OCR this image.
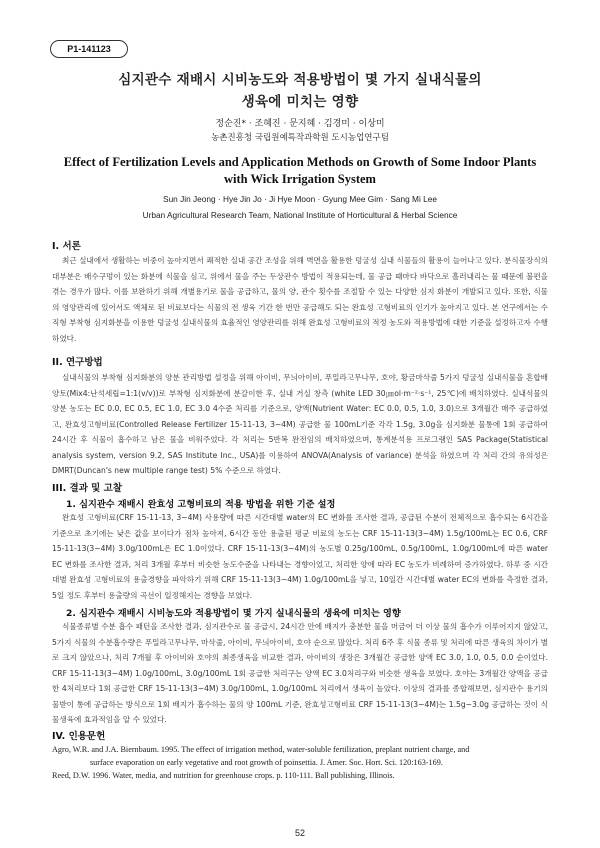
P1-141123
심지관수 재배시 시비농도와 적용방법이 몇 가지 실내식물의
생육에 미치는 영향
정순진* · 조혜진 · 문지혜 · 김경미 · 이상미
농촌진흥청 국립원예특작과학원 도시농업연구팀
Effect of Fertilization Levels and Application Methods on Growth of Some Indoor Plants
with Wick Irrigation System
Sun Jin Jeong · Hye Jin Jo · Ji Hye Moon · Gyung Mee Gim · Sang Mi Lee
Urban Agricultural Research Team, National Institute of Horticultural & Herbal Science
I. 서론

최근 실내에서 생활하는 비중이 높아지면서 쾌적한 실내 공간 조성을 위해 벽면을 활용한 덩굴성 실내 식물들의 활용이 늘어나고 있다. 분식물장식의 대부분은 배수구멍이 있는 화분에 식물을 심고, 위에서 물을 주는 두상관수 방법이 적용되는데, 물 공급 때마다 바닥으로 흘러내리는 물 때문에 불편을 겪는 경우가 많다. 이를 보완하기 위해 개별용기로 물을 공급하고, 물의 양, 관수 횟수를 조절할 수 있는 다양한 심지 화분이 개발되고 있다. 또한, 식물의 영양관리에 있어서도 액체로 된 비료보다는 식물의 전 생육 기간 한 번만 공급해도 되는 완효성 고형비료의 인기가 높아지고 있다. 본 연구에서는 수직형 부착형 심지화분을 이용한 덩굴성 실내식물의 효율적인 영양관리를 위해 완효성 고형비료의 적정 농도와 적용방법에 대한 기준을 설정하고자 수행하였다.

II. 연구방법

실내식물의 부착형 심지화분의 양분 관리방법 설정을 위해 아이비, 무늬아이비, 푸밀라고무나무, 호야, 황금마삭줄 5가지 덩굴성 실내식물을 혼합배양토(Mix4:난석세립=1:1(v/v))로 부착형 심지화분에 분갈이한 후, 실내 거실 창측 (white LED 30㎛ol·m⁻²·s⁻¹, 25℃)에 배치하였다. 실내식물의 양분 농도는 EC 0.0, EC 0.5, EC 1.0, EC 3.0 4수준 처리를 기준으로, 양액(Nutrient Water: EC 0.0, 0.5, 1.0, 3.0)으로 3개월간 매주 공급하였고, 완효성고형비료(Controlled Release Fertilizer 15-11-13, 3~4M) 공급한 물 100mL기준 각각 1.5g, 3.0g을 심지화분 물통에 1회 공급하여 24시간 후 식물이 흡수하고 남은 물을 비워주었다. 각 처리는 5반복 완전임의 배치하였으며, 통계분석용 프로그램인 SAS Package(Statistical analysis system, version 9.2, SAS Institute Inc., USA)를 이용하여 ANOVA(Analysis of variance) 분석을 하였으며 각 처리 간의 유의성은 DMRT(Duncan's new multiple range test) 5% 수준으로 하였다.

III. 결과 및 고찰
1. 심지관수 재배시 완효성 고형비료의 적용 방법을 위한 기준 설정

완효성 고형비료(CRF 15-11-13, 3~4M) 사용량에 따른 시간대별 water의 EC 변화를 조사한 결과, 공급된 수분이 전체적으로 흡수되는 6시간을 기준으로 초기에는 낮은 값을 보이다가 점차 높아져, 6시간 동안 용출된 평균 비료의 농도는 CRF 15-11-13(3~4M) 1.5g/100mL는 EC 0.6, CRF 15-11-13(3~4M) 3.0g/100mL은 EC 1.0이었다. CRF 15-11-13(3~4M)의 농도별 0.25g/100mL, 0.5g/100mL, 1.0g/100mL에 따른 water EC 변화를 조사한 결과, 처리 3개월 후부터 비슷한 농도수준을 나타내는 경향이었고, 처리한 양에 따라 EC 농도가 비례하여 증가하였다. 하루 중 시간대별 완효성 고형비료의 용출경향을 파악하기 위해 CRF 15-11-13(3~4M) 1.0g/100mL을 넣고, 10일간 시간대별 water EC의 변화를 측정한 결과, 5일 정도 후부터 용출량의 곡선이 일정해지는 경향을 보였다.

2. 심지관수 재배시 시비농도와 적용방법이 몇 가지 실내식물의 생육에 미치는 영향

식물종류별 수분 흡수 패턴을 조사한 결과, 심지관수로 물 공급시, 24시간 안에 배지가 충분한 물을 머금어 더 이상 물의 흡수가 이루어지지 않았고, 5가지 식물의 수분흡수량은 푸밀라고무나무, 마삭줄, 아이비, 무늬아이비, 호야 순으로 많았다. 처리 6주 후 식물 종류 및 처리에 따른 생육의 차이가 별로 크지 않았으나, 처리 7개월 후 아이비와 호야의 최종생육을 비교한 결과, 아이비의 생장은 3개월간 공급한 양액 EC 3.0, 1.0, 0.5, 0.0 순이었다. CRF 15-11-13(3~4M) 1.0g/100mL, 3.0g/100mL 1회 공급한 처리구는 양액 EC 3.0처리구와 비슷한 생육을 보였다. 호야는 3개월간 양액을 공급한 4처리보다 1회 공급한 CRF 15-11-13(3~4M) 3.0g/100mL, 1.0g/100mL 처리에서 생육이 높았다. 이상의 결과를 종합해보면, 심지관수 용기의 물받이 통에 공급하는 방식으로 1회 배지가 흡수하는 물의 양 100mL 기준, 완효성고형비료 CRF 15-11-13(3~4M)는 1.5g~3.0g 공급하는 것이 식물생육에 효과적임을 알 수 있었다.

IV. 인용문헌

Agro, W.R. and J.A. Biernbaum. 1995. The effect of irrigation method, water-soluble fertilization, preplant nutrient charge, and
surface evaporation on early vegetative and root growth of poinsettia. J. Amer. Soc. Hort. Sci. 120:163-169.

Reed, D.W. 1996. Water, media, and nutrition for greenhouse crops. p. 110-111. Ball publishing, Illinois.

52
